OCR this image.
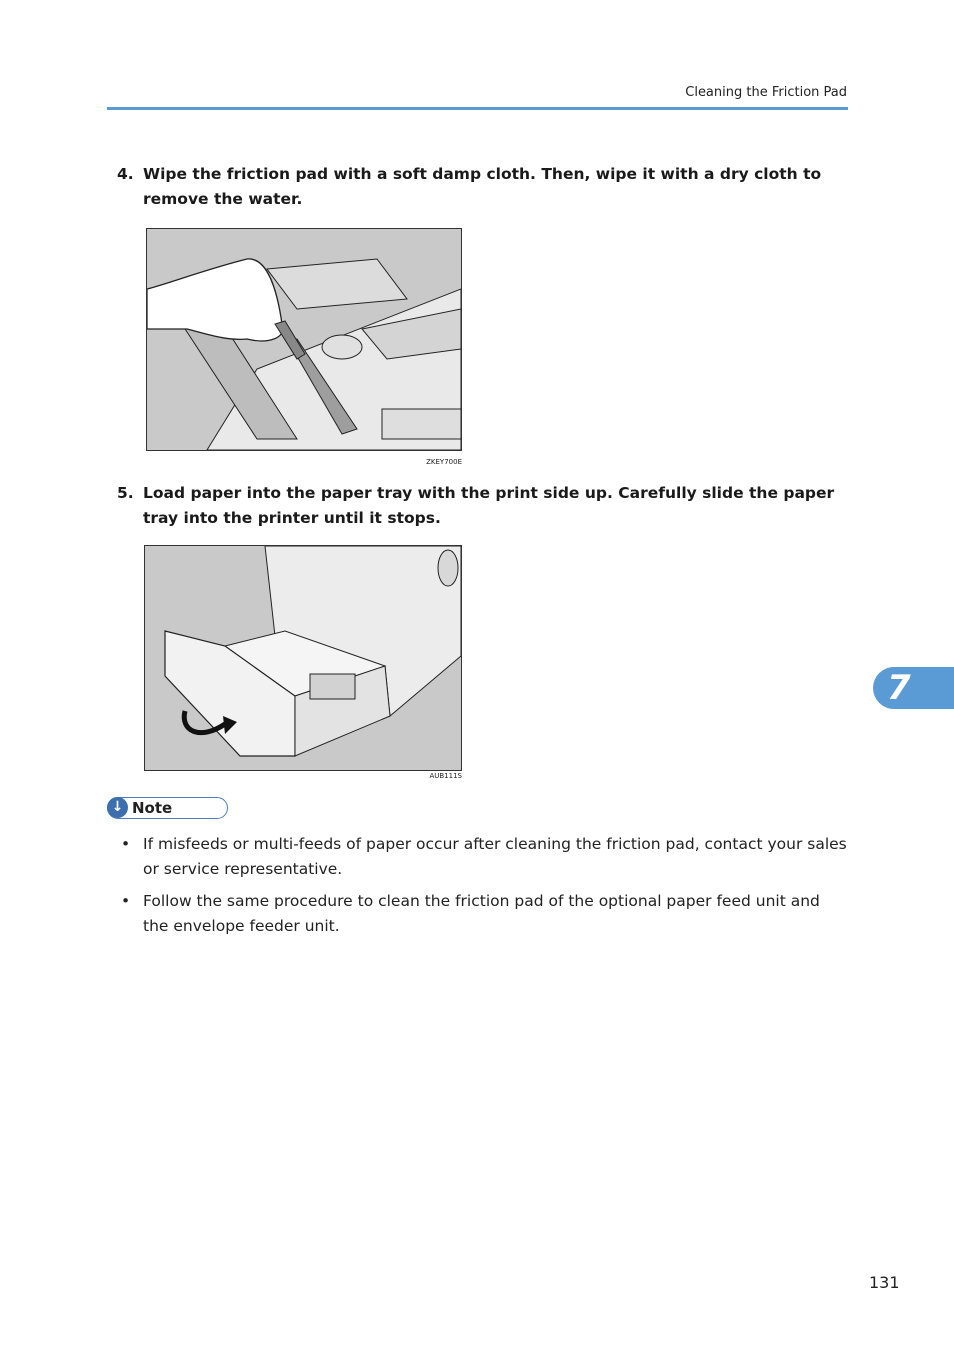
Cleaning the Friction Pad
4. Wipe the friction pad with a soft damp cloth. Then, wipe it with a dry cloth to remove the water.
ZKEY700E
5. Load paper into the paper tray with the print side up. Carefully slide the paper tray into the printer until it stops.
AUB111S
↓ Note
• If misfeeds or multi-feeds of paper occur after cleaning the friction pad, contact your sales or service representative.
• Follow the same procedure to clean the friction pad of the optional paper feed unit and the envelope feeder unit.
7
131
